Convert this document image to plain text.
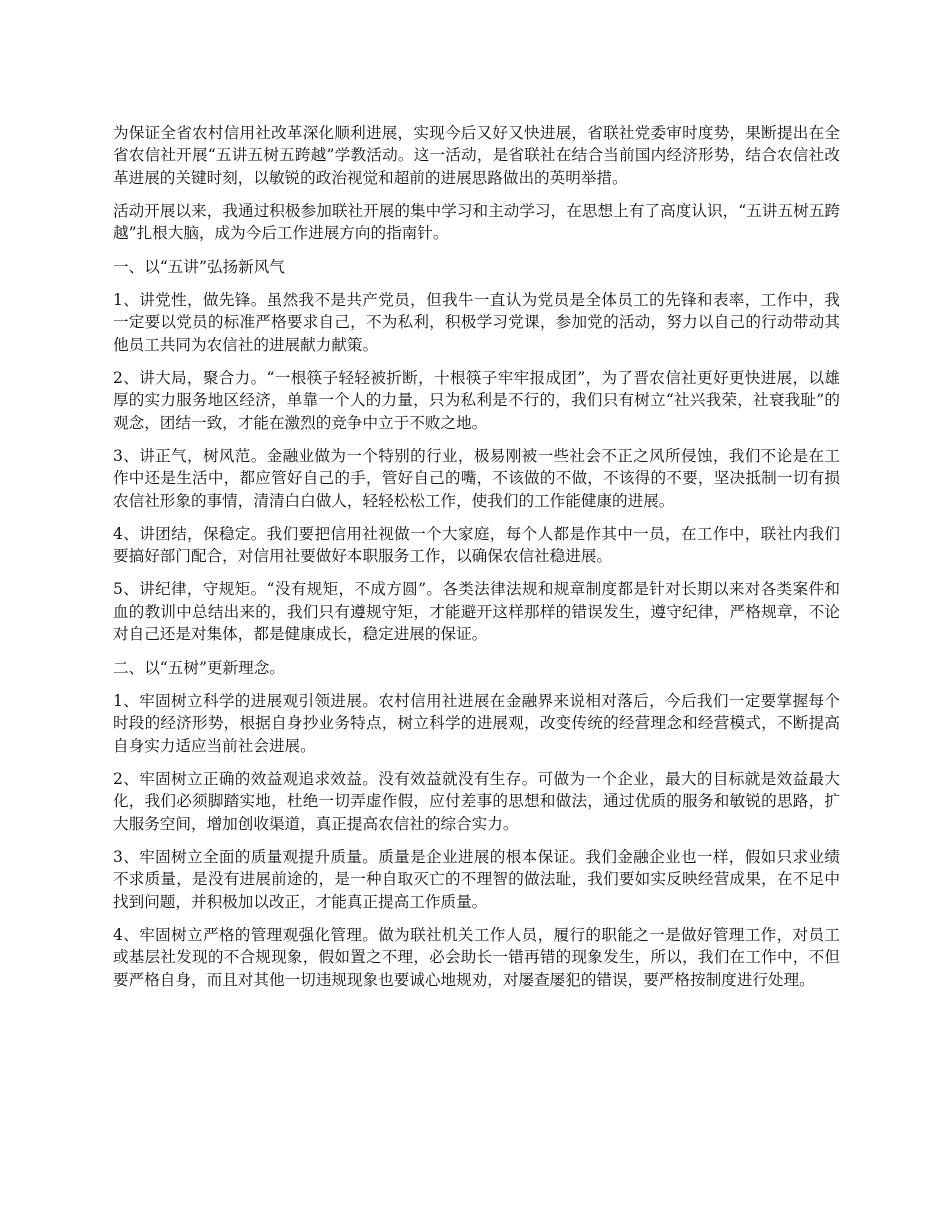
为保证全省农村信用社改革深化顺利进展，实现今后又好又快进展，省联社党委审时度势，果断提出在全省农信社开展“五讲五树五跨越”学教活动。这一活动，是省联社在结合当前国内经济形势，结合农信社改革进展的关键时刻，以敏锐的政治视觉和超前的进展思路做出的英明举措。

活动开展以来，我通过积极参加联社开展的集中学习和主动学习，在思想上有了高度认识，“五讲五树五跨越”扎根大脑，成为今后工作进展方向的指南针。

一、以“五讲”弘扬新风气

1、讲党性，做先锋。虽然我不是共产党员，但我牛一直认为党员是全体员工的先锋和表率，工作中，我一定要以党员的标准严格要求自己，不为私利，积极学习党课，参加党的活动，努力以自己的行动带动其他员工共同为农信社的进展献力献策。

2、讲大局，聚合力。“一根筷子轻轻被折断，十根筷子牢牢报成团”，为了晋农信社更好更快进展，以雄厚的实力服务地区经济，单靠一个人的力量，只为私利是不行的，我们只有树立“社兴我荣，社衰我耻”的观念，团结一致，才能在激烈的竞争中立于不败之地。

3、讲正气，树风范。金融业做为一个特别的行业，极易刚被一些社会不正之风所侵蚀，我们不论是在工作中还是生活中，都应管好自己的手，管好自己的嘴，不该做的不做，不该得的不要，坚决抵制一切有损农信社形象的事情，清清白白做人，轻轻松松工作，使我们的工作能健康的进展。

4、讲团结，保稳定。我们要把信用社视做一个大家庭，每个人都是作其中一员，在工作中，联社内我们要搞好部门配合，对信用社要做好本职服务工作，以确保农信社稳进展。

5、讲纪律，守规矩。“没有规矩，不成方圆”。各类法律法规和规章制度都是针对长期以来对各类案件和血的教训中总结出来的，我们只有遵规守矩，才能避开这样那样的错误发生，遵守纪律，严格规章，不论对自己还是对集体，都是健康成长，稳定进展的保证。

二、以“五树”更新理念。

1、牢固树立科学的进展观引领进展。农村信用社进展在金融界来说相对落后，今后我们一定要掌握每个时段的经济形势，根据自身抄业务特点，树立科学的进展观，改变传统的经营理念和经营模式，不断提高自身实力适应当前社会进展。

2、牢固树立正确的效益观追求效益。没有效益就没有生存。可做为一个企业，最大的目标就是效益最大化，我们必须脚踏实地，杜绝一切弄虚作假，应付差事的思想和做法，通过优质的服务和敏锐的思路，扩大服务空间，增加创收渠道，真正提高农信社的综合实力。

3、牢固树立全面的质量观提升质量。质量是企业进展的根本保证。我们金融企业也一样，假如只求业绩不求质量，是没有进展前途的，是一种自取灭亡的不理智的做法耻，我们要如实反映经营成果，在不足中找到问题，并积极加以改正，才能真正提高工作质量。

4、牢固树立严格的管理观强化管理。做为联社机关工作人员，履行的职能之一是做好管理工作，对员工或基层社发现的不合规现象，假如置之不理，必会助长一错再错的现象发生，所以，我们在工作中，不但要严格自身，而且对其他一切违规现象也要诚心地规劝，对屡查屡犯的错误，要严格按制度进行处理。
